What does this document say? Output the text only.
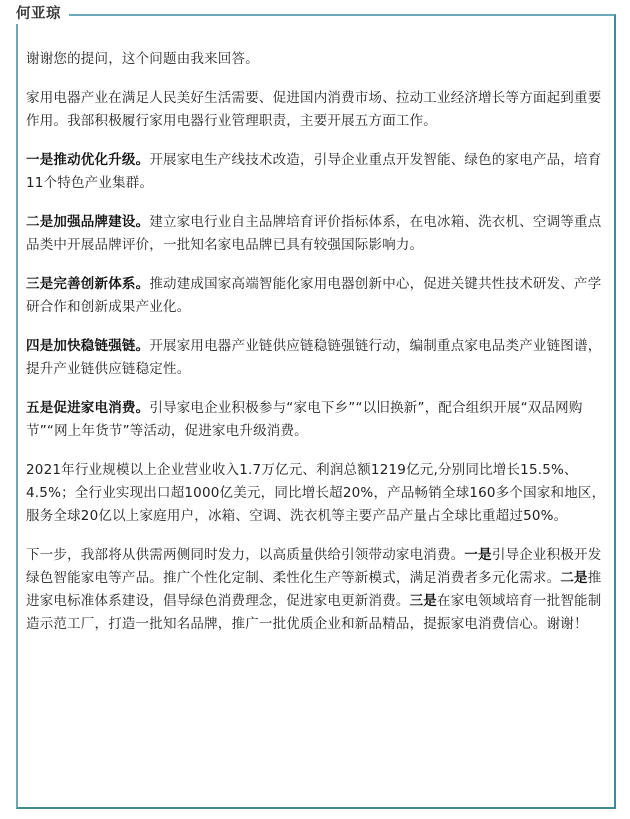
何亚琼

谢谢您的提问，这个问题由我来回答。

家用电器产业在满足人民美好生活需要、促进国内消费市场、拉动工业经济增长等方面起到重要作用。我部积极履行家用电器行业管理职责，主要开展五方面工作。

一是推动优化升级。开展家电生产线技术改造，引导企业重点开发智能、绿色的家电产品，培育11个特色产业集群。

二是加强品牌建设。建立家电行业自主品牌培育评价指标体系，在电冰箱、洗衣机、空调等重点品类中开展品牌评价，一批知名家电品牌已具有较强国际影响力。

三是完善创新体系。推动建成国家高端智能化家用电器创新中心，促进关键共性技术研发、产学研合作和创新成果产业化。

四是加快稳链强链。开展家用电器产业链供应链稳链强链行动，编制重点家电品类产业链图谱，提升产业链供应链稳定性。

五是促进家电消费。引导家电企业积极参与“家电下乡”“以旧换新”，配合组织开展“双品网购节”“网上年货节”等活动，促进家电升级消费。

2021年行业规模以上企业营业收入1.7万亿元、利润总额1219亿元,分别同比增长15.5%、4.5%；全行业实现出口超1000亿美元，同比增长超20%，产品畅销全球160多个国家和地区，服务全球20亿以上家庭用户，冰箱、空调、洗衣机等主要产品产量占全球比重超过50%。

下一步，我部将从供需两侧同时发力，以高质量供给引领带动家电消费。一是引导企业积极开发绿色智能家电等产品。推广个性化定制、柔性化生产等新模式，满足消费者多元化需求。二是推进家电标准体系建设，倡导绿色消费理念，促进家电更新消费。三是在家电领域培育一批智能制造示范工厂，打造一批知名品牌，推广一批优质企业和新品精品，提振家电消费信心。谢谢！
